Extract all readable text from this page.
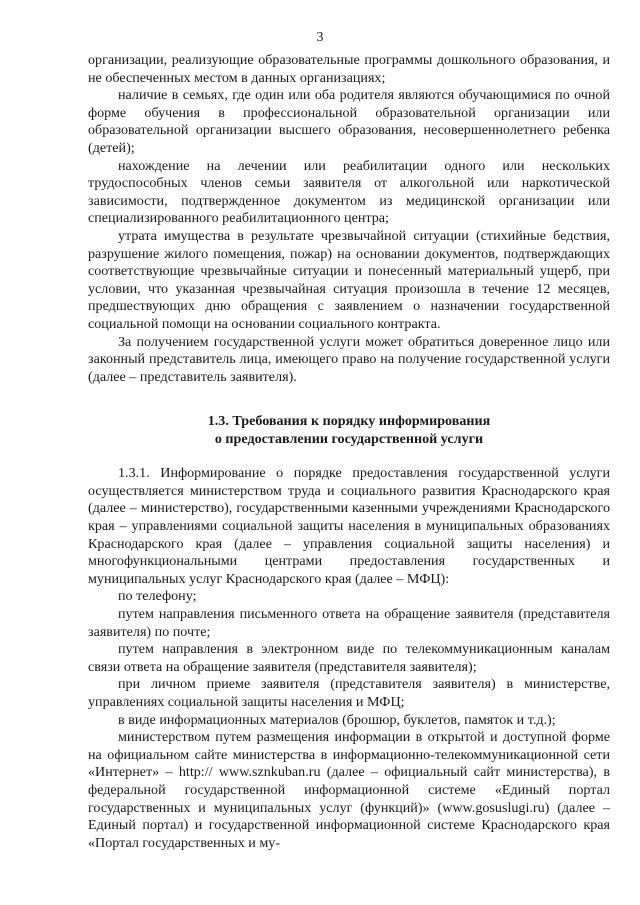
3

организации, реализующие образовательные программы дошкольного образования, и не обеспеченных местом в данных организациях;

наличие в семьях, где один или оба родителя являются обучающимися по очной форме обучения в профессиональной образовательной организации или образовательной организации высшего образования, несовершеннолетнего ребенка (детей);

нахождение на лечении или реабилитации одного или нескольких трудоспособных членов семьи заявителя от алкогольной или наркотической зависимости, подтвержденное документом из медицинской организации или специализированного реабилитационного центра;

утрата имущества в результате чрезвычайной ситуации (стихийные бедствия, разрушение жилого помещения, пожар) на основании документов, подтверждающих соответствующие чрезвычайные ситуации и понесенный материальный ущерб, при условии, что указанная чрезвычайная ситуация произошла в течение 12 месяцев, предшествующих дню обращения с заявлением о назначении государственной социальной помощи на основании социального контракта.

За получением государственной услуги может обратиться доверенное лицо или законный представитель лица, имеющего право на получение государственной услуги (далее – представитель заявителя).

1.3. Требования к порядку информирования
о предоставлении государственной услуги

1.3.1. Информирование о порядке предоставления государственной услуги осуществляется министерством труда и социального развития Краснодарского края (далее – министерство), государственными казенными учреждениями Краснодарского края – управлениями социальной защиты населения в муниципальных образованиях Краснодарского края (далее – управления социальной защиты населения) и многофункциональными центрами предоставления государственных и муниципальных услуг Краснодарского края (далее – МФЦ):

по телефону;

путем направления письменного ответа на обращение заявителя (представителя заявителя) по почте;

путем направления в электронном виде по телекоммуникационным каналам связи ответа на обращение заявителя (представителя заявителя);

при личном приеме заявителя (представителя заявителя) в министерстве, управлениях социальной защиты населения и МФЦ;

в виде информационных материалов (брошюр, буклетов, памяток и т.д.);

министерством путем размещения информации в открытой и доступной форме на официальном сайте министерства в информационно-телекоммуникационной сети «Интернет» – http:// www.sznkuban.ru (далее – официальный сайт министерства), в федеральной государственной информационной системе «Единый портал государственных и муниципальных услуг (функций)» (www.gosuslugi.ru) (далее – Единый портал) и государственной информационной системе Краснодарского края «Портал государственных и му-
